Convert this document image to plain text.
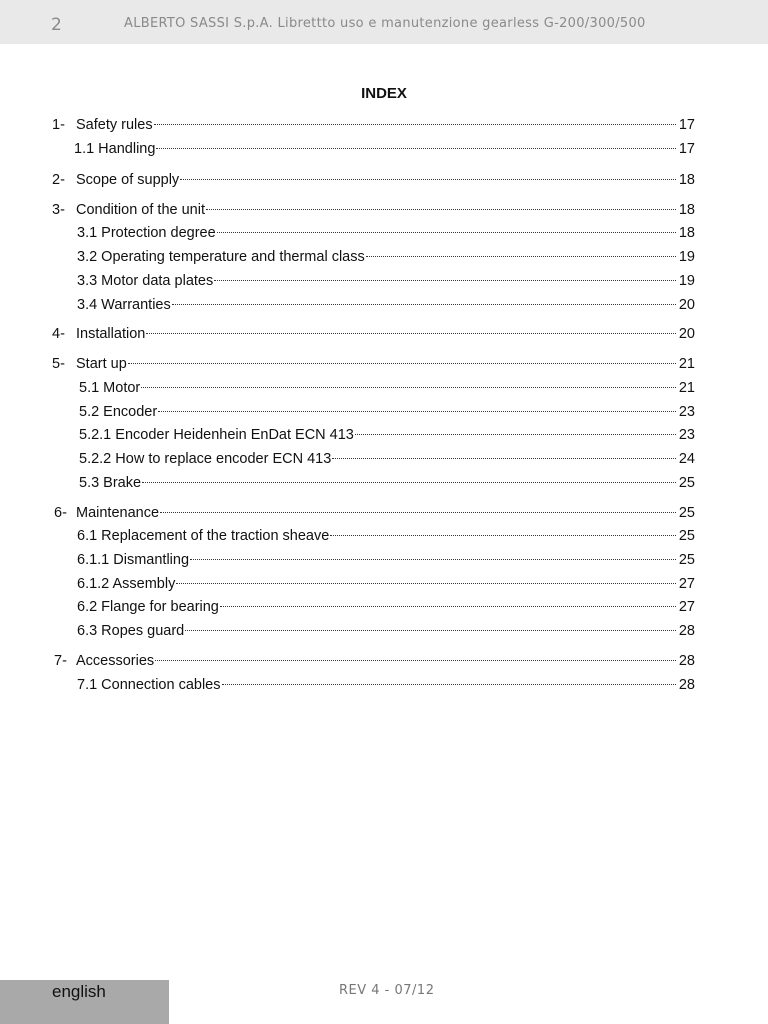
2	ALBERTO SASSI S.p.A. Librettto uso e manutenzione gearless G-200/300/500
INDEX
1- Safety rules	17
1.1 Handling	17
2- Scope of supply	18
3- Condition of the unit	18
3.1 Protection degree	18
3.2 Operating temperature and thermal class	19
3.3 Motor data plates	19
3.4 Warranties	20
4- Installation	20
5- Start up	21
5.1 Motor	21
5.2 Encoder	23
5.2.1 Encoder Heidenhein EnDat ECN 413	23
5.2.2 How to replace encoder ECN 413	24
5.3 Brake	25
6- Maintenance	25
6.1 Replacement of the traction sheave	25
6.1.1 Dismantling	25
6.1.2 Assembly	27
6.2 Flange for bearing	27
6.3 Ropes guard	28
7- Accessories	28
7.1 Connection cables	28
english	REV 4 - 07/12
